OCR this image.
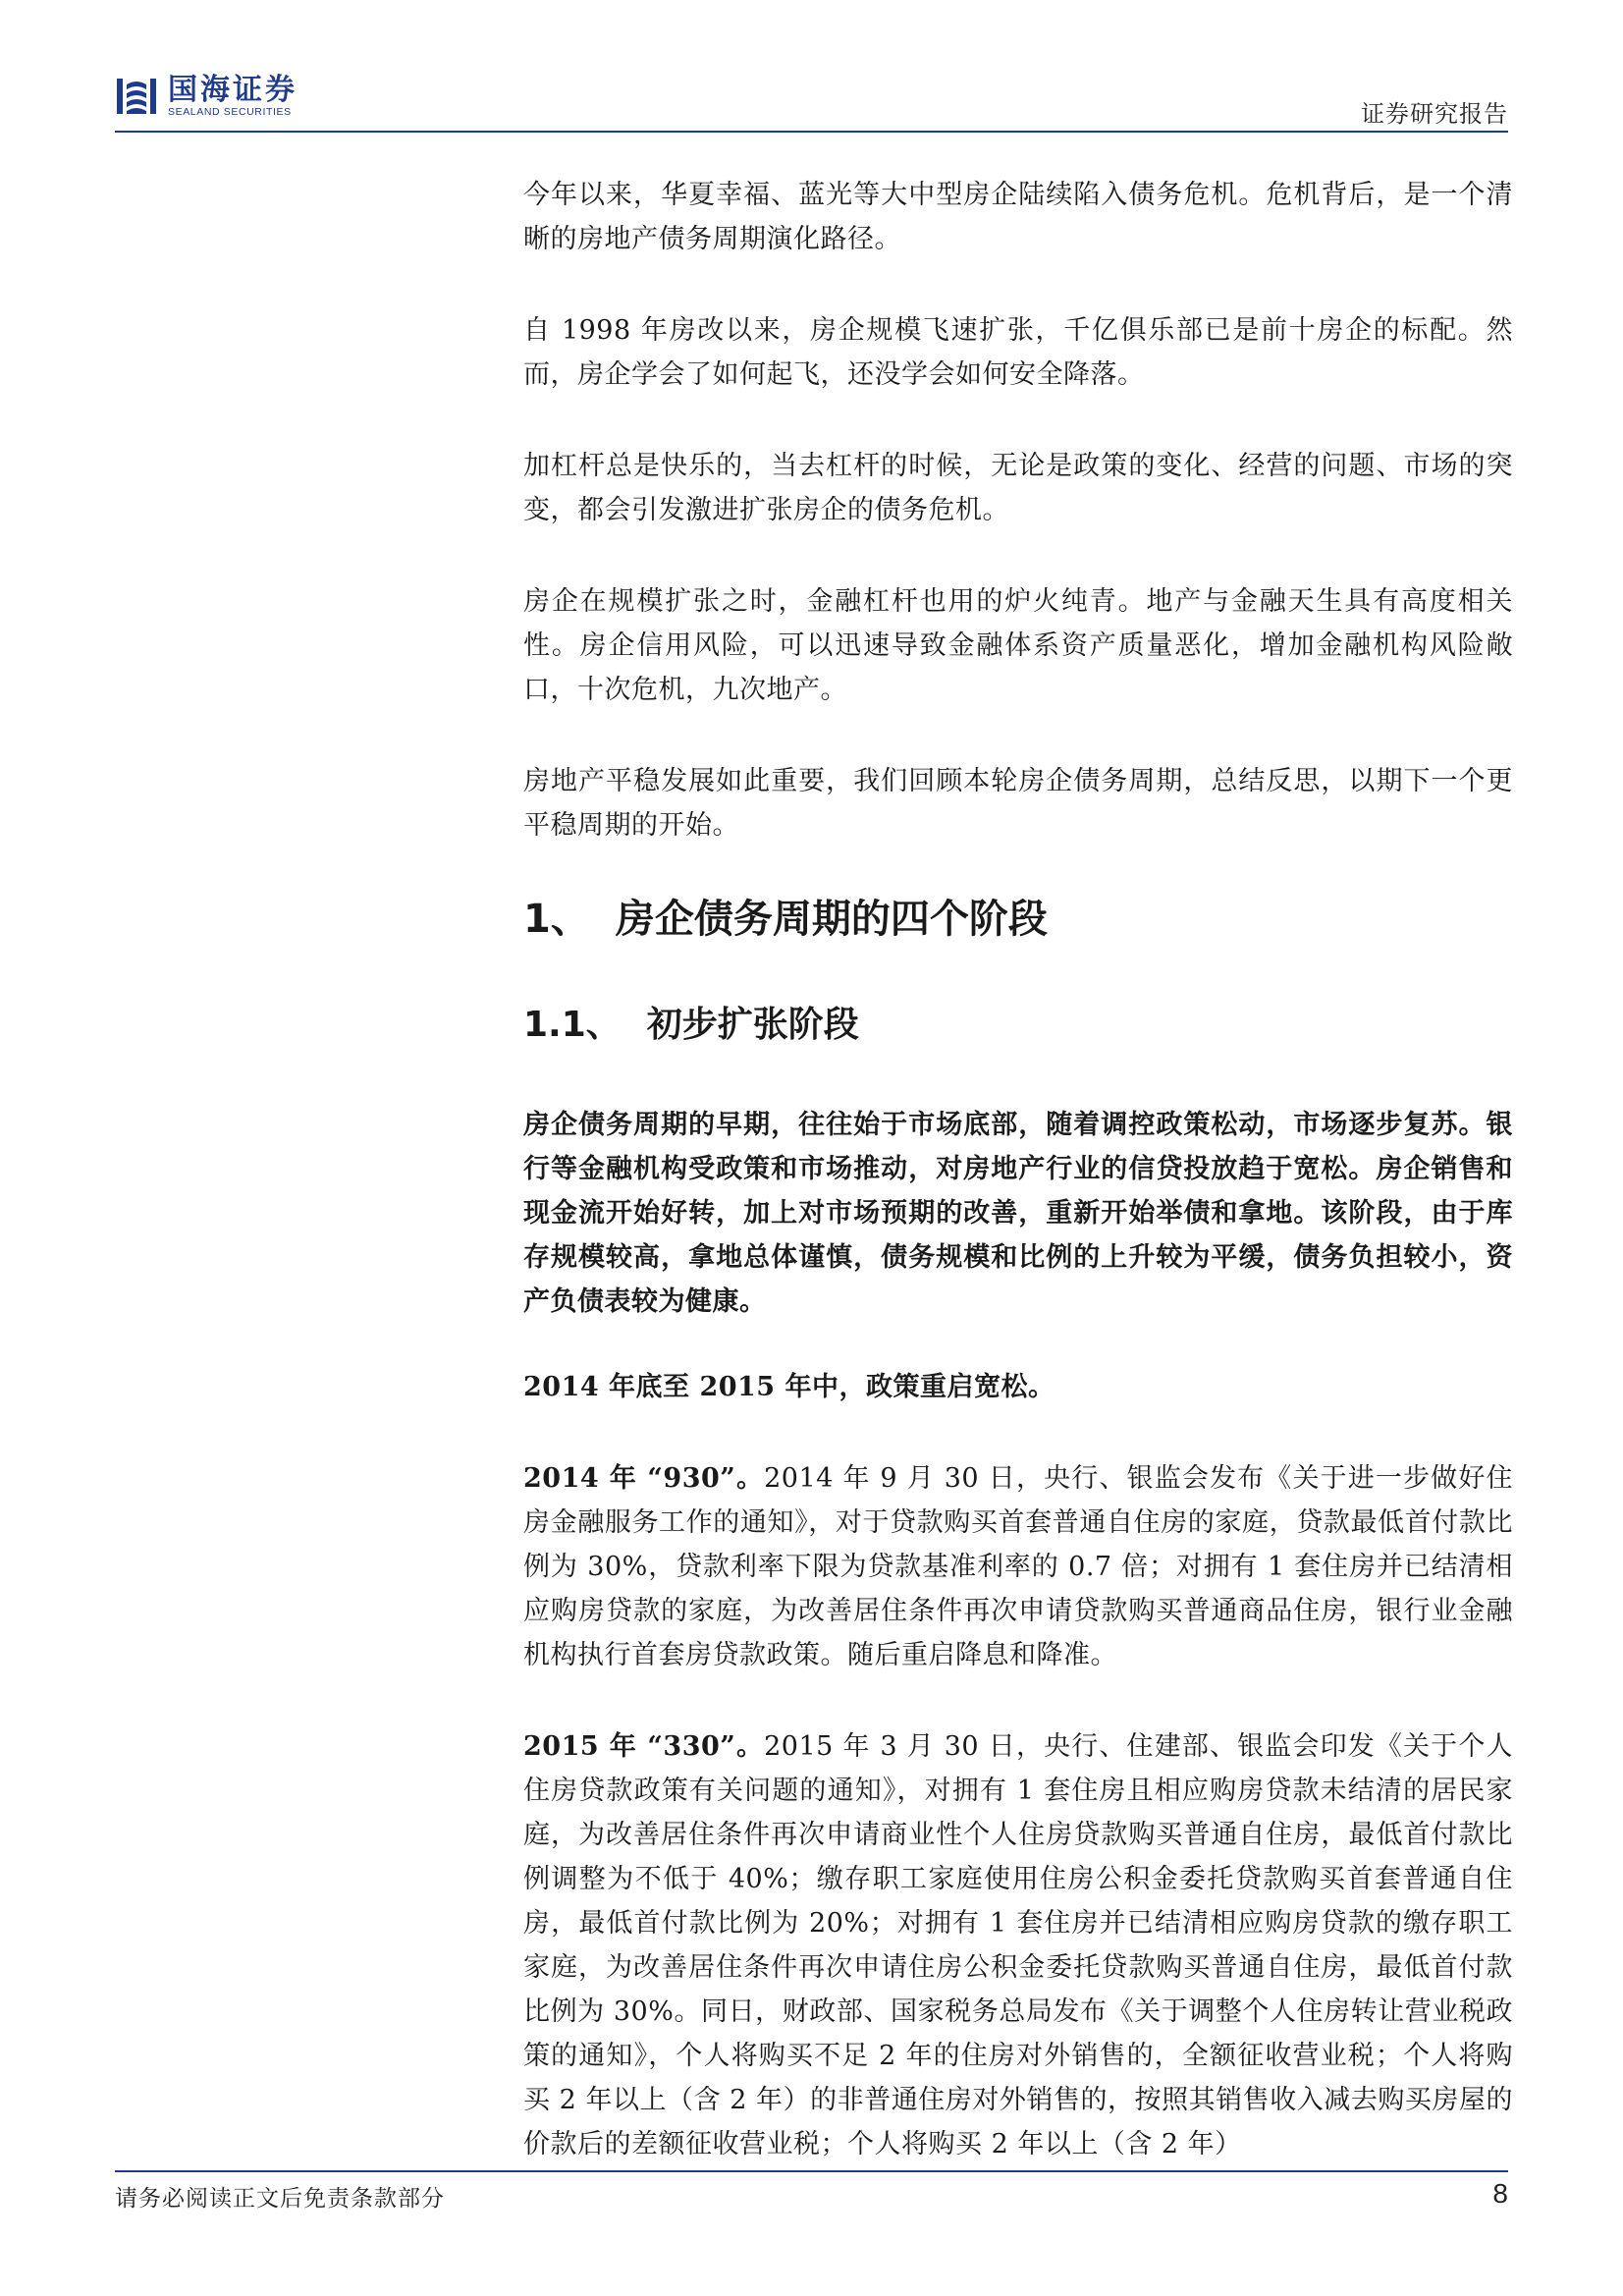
国海证券
SEALAND SECURITIES	证券研究报告

今年以来，华夏幸福、蓝光等大中型房企陆续陷入债务危机。危机背后，是一个清晰的房地产债务周期演化路径。

自 1998 年房改以来，房企规模飞速扩张，千亿俱乐部已是前十房企的标配。然而，房企学会了如何起飞，还没学会如何安全降落。

加杠杆总是快乐的，当去杠杆的时候，无论是政策的变化、经营的问题、市场的突变，都会引发激进扩张房企的债务危机。

房企在规模扩张之时，金融杠杆也用的炉火纯青。地产与金融天生具有高度相关性。房企信用风险，可以迅速导致金融体系资产质量恶化，增加金融机构风险敞口，十次危机，九次地产。

房地产平稳发展如此重要，我们回顾本轮房企债务周期，总结反思，以期下一个更平稳周期的开始。

1、 房企债务周期的四个阶段
1.1、 初步扩张阶段

房企债务周期的早期，往往始于市场底部，随着调控政策松动，市场逐步复苏。银行等金融机构受政策和市场推动，对房地产行业的信贷投放趋于宽松。房企销售和现金流开始好转，加上对市场预期的改善，重新开始举债和拿地。该阶段，由于库存规模较高，拿地总体谨慎，债务规模和比例的上升较为平缓，债务负担较小，资产负债表较为健康。

2014 年底至 2015 年中，政策重启宽松。

2014 年 “930”。2014 年 9 月 30 日，央行、银监会发布《关于进一步做好住房金融服务工作的通知》，对于贷款购买首套普通自住房的家庭，贷款最低首付款比例为 30%，贷款利率下限为贷款基准利率的 0.7 倍；对拥有 1 套住房并已结清相应购房贷款的家庭，为改善居住条件再次申请贷款购买普通商品住房，银行业金融机构执行首套房贷款政策。随后重启降息和降准。

2015 年 “330”。2015 年 3 月 30 日，央行、住建部、银监会印发《关于个人住房贷款政策有关问题的通知》，对拥有 1 套住房且相应购房贷款未结清的居民家庭，为改善居住条件再次申请商业性个人住房贷款购买普通自住房，最低首付款比例调整为不低于 40%；缴存职工家庭使用住房公积金委托贷款购买首套普通自住房，最低首付款比例为 20%；对拥有 1 套住房并已结清相应购房贷款的缴存职工家庭，为改善居住条件再次申请住房公积金委托贷款购买普通自住房，最低首付款比例为 30%。同日，财政部、国家税务总局发布《关于调整个人住房转让营业税政策的通知》，个人将购买不足 2 年的住房对外销售的，全额征收营业税；个人将购买 2 年以上（含 2 年）的非普通住房对外销售的，按照其销售收入减去购买房屋的价款后的差额征收营业税；个人将购买 2 年以上（含 2 年）

请务必阅读正文后免责条款部分	8
